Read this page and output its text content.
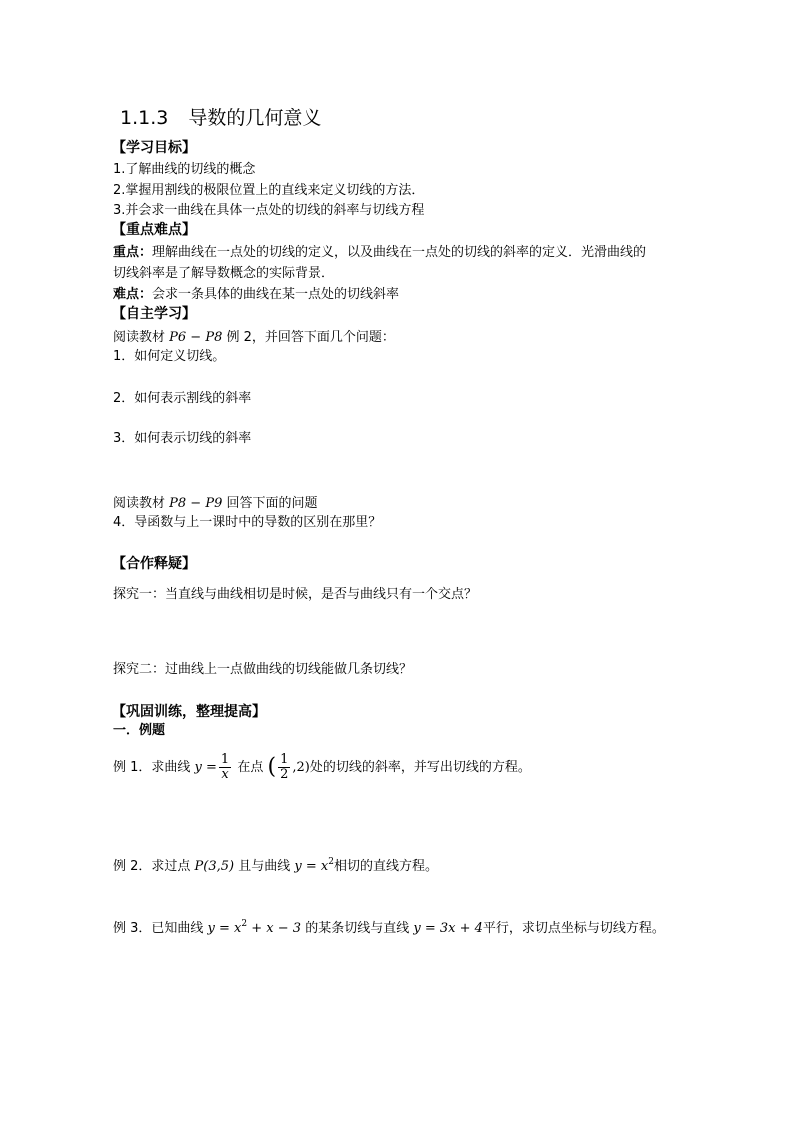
1.1.3 导数的几何意义
【学习目标】
1.了解曲线的切线的概念
2.掌握用割线的极限位置上的直线来定义切线的方法．
3.并会求一曲线在具体一点处的切线的斜率与切线方程
【重点难点】
重点：理解曲线在一点处的切线的定义，以及曲线在一点处的切线的斜率的定义．光滑曲线的
切线斜率是了解导数概念的实际背景．
难点：会求一条具体的曲线在某一点处的切线斜率
【自主学习】
阅读教材 P6 − P8 例 2，并回答下面几个问题：
1．如何定义切线。
2．如何表示割线的斜率
3．如何表示切线的斜率
阅读教材 P8 − P9 回答下面的问题
4．导函数与上一课时中的导数的区别在那里？
【合作释疑】
探究一：当直线与曲线相切是时候，是否与曲线只有一个交点？
探究二：过曲线上一点做曲线的切线能做几条切线？
【巩固训练，整理提高】
一．例题
例 1．求曲线 $y = \frac{1}{x}$ 在点 ( $\frac{1}{2} ,2$)处的切线的斜率，并写出切线的方程。
例 2．求过点 P(3,5) 且与曲线 $y = x^2$相切的直线方程。
例 3．已知曲线 $y = x^2 + x - 3$ 的某条切线与直线 y = 3x + 4平行，求切点坐标与切线方程。
